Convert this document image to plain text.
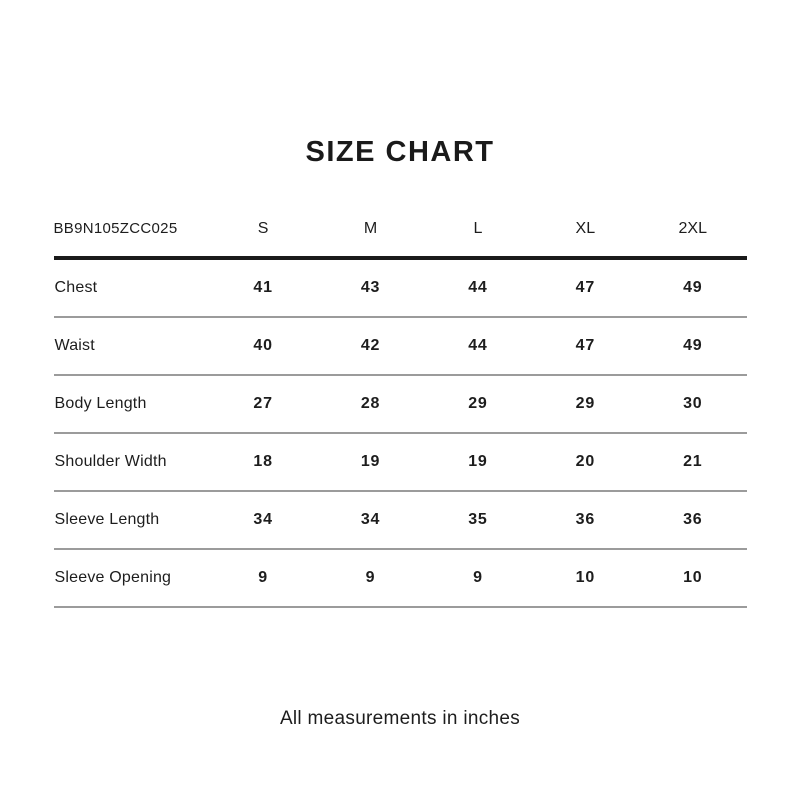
SIZE CHART
BB9N105ZCC025	S	M	L	XL	2XL
Chest	41	43	44	47	49
Waist	40	42	44	47	49
Body Length	27	28	29	29	30
Shoulder Width	18	19	19	20	21
Sleeve Length	34	34	35	36	36
Sleeve Opening	9	9	9	10	10
All measurements in inches
